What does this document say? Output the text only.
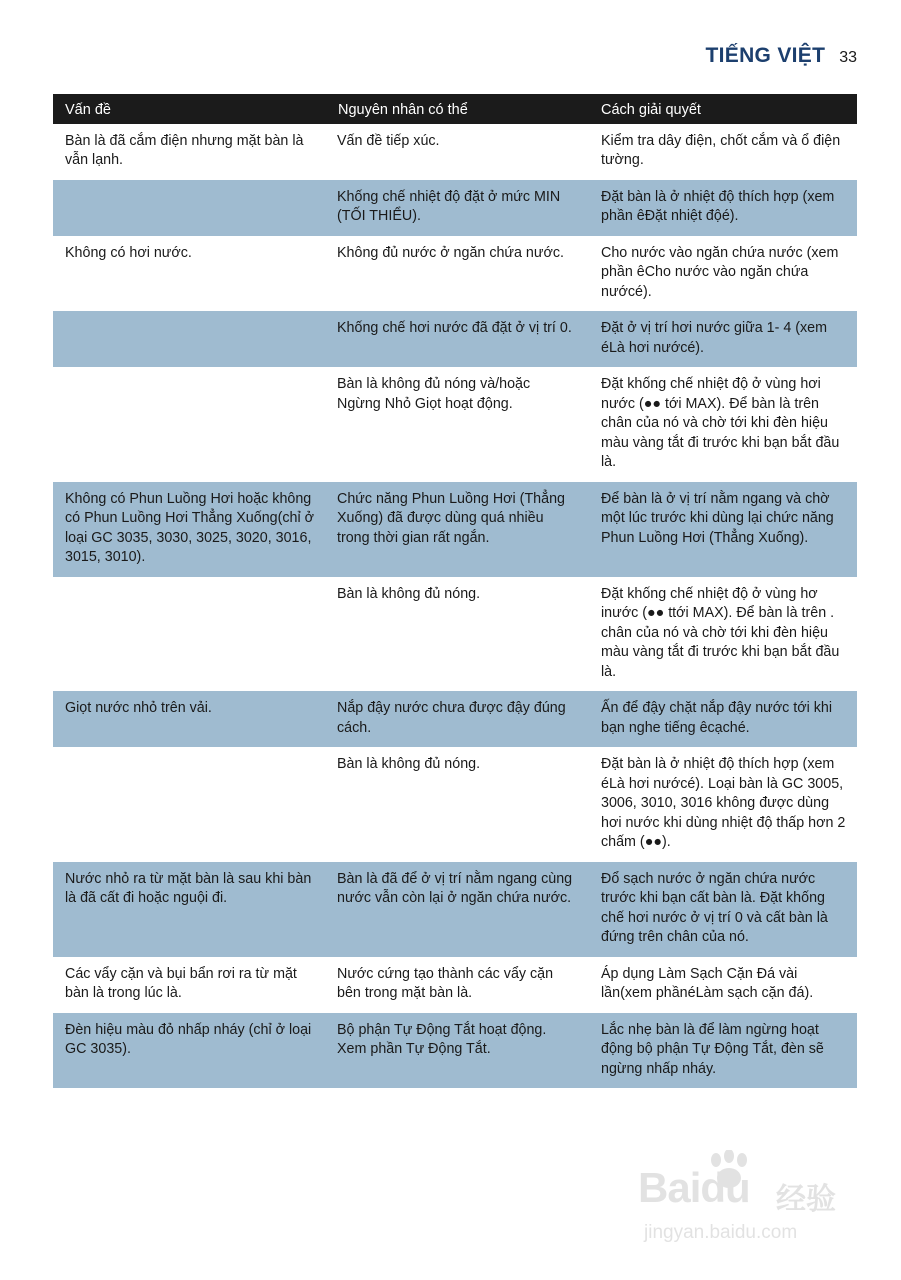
TIẾNG VIỆT 33
Vấn đề	Nguyên nhân có thể	Cách giải quyết
Bàn là đã cắm điện nhưng mặt bàn là vẫn lạnh.	Vấn đề tiếp xúc.	Kiểm tra dây điện, chốt cắm và ổ điện tường.
	Khống chế nhiệt độ đặt ở mức MIN (TỐI THIỂU).	Đặt bàn là ở nhiệt độ thích hợp (xem phần êĐặt nhiệt độé).
Không có hơi nước.	Không đủ nước ở ngăn chứa nước.	Cho nước vào ngăn chứa nước (xem phần êCho nước vào ngăn chứa nướcé).
	Khống chế hơi nước đã đặt ở vị trí 0.	Đặt ở vị trí hơi nước giữa 1- 4 (xem éLà hơi nướcé).
	Bàn là không đủ nóng và/hoặc Ngừng Nhỏ Giọt hoạt động.	Đặt khống chế nhiệt độ ở vùng hơi nước (●● tới MAX). Để bàn là trên chân của nó và chờ tới khi đèn hiệu màu vàng tắt đi trước khi bạn bắt đầu là.
Không có Phun Luồng Hơi hoặc không có Phun Luồng Hơi Thẳng Xuống(chỉ ở loại GC 3035, 3030, 3025, 3020, 3016, 3015, 3010).	Chức năng Phun Luồng Hơi (Thẳng Xuống) đã được dùng quá nhiều trong thời gian rất ngắn.	Để bàn là ở vị trí nằm ngang và chờ một lúc trước khi dùng lại chức năng Phun Luồng Hơi (Thẳng Xuống).
	Bàn là không đủ nóng.	Đặt khống chế nhiệt độ ở vùng hơ inước (●● ttới MAX). Để bàn là trên . chân của nó và chờ tới khi đèn hiệu màu vàng tắt đi trước khi bạn bắt đầu là.
Giọt nước nhỏ trên vải.	Nắp đậy nước chưa được đậy đúng cách.	Ấn để đậy chặt nắp đậy nước tới khi bạn nghe tiếng êcạché.
	Bàn là không đủ nóng.	Đặt bàn là ở nhiệt độ thích hợp (xem éLà hơi nướcé). Loại bàn là GC 3005, 3006, 3010, 3016 không được dùng hơi nước khi dùng nhiệt độ thấp hơn 2 chấm (●●).
Nước nhỏ ra từ mặt bàn là sau khi bàn là đã cất đi hoặc nguội đi.	Bàn là đã để ở vị trí nằm ngang cùng nước vẫn còn lại ở ngăn chứa nước.	Đổ sạch nước ở ngăn chứa nước trước khi bạn cất bàn là. Đặt khống chế hơi nước ở vị trí 0 và cất bàn là đứng trên chân của nó.
Các vẩy cặn và bụi bẩn rơi ra từ mặt bàn là trong lúc là.	Nước cứng tạo thành các vẩy cặn bên trong mặt bàn là.	Áp dụng Làm Sạch Cặn Đá vài lần(xem phầnéLàm sạch cặn đá).
Đèn hiệu màu đỏ nhấp nháy (chỉ ở loại GC 3035).	Bộ phận Tự Động Tắt hoạt động. Xem phần Tự Động Tắt.	Lắc nhẹ bàn là để làm ngừng hoạt động bộ phận Tự Động Tắt, đèn sẽ ngừng nhấp nháy.
Baidu 经验
jingyan.baidu.com
